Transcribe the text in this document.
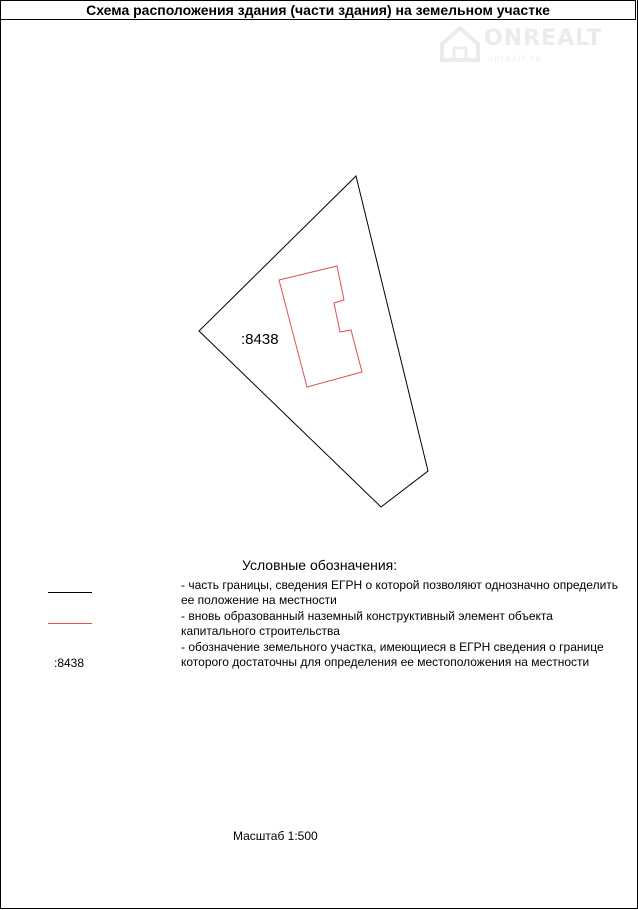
Схема расположения здания (части здания) на земельном участке
ONREALT
onrealt.ru
:8438
Условные обозначения:
- часть границы, сведения ЕГРН о которой позволяют однозначно определить ее положение на местности
- вновь образованный наземный конструктивный элемент объекта капитального строительства
:8438
- обозначение земельного участка, имеющиеся в ЕГРН сведения о границе которого достаточны для определения ее местоположения на местности
Масштаб 1:500
